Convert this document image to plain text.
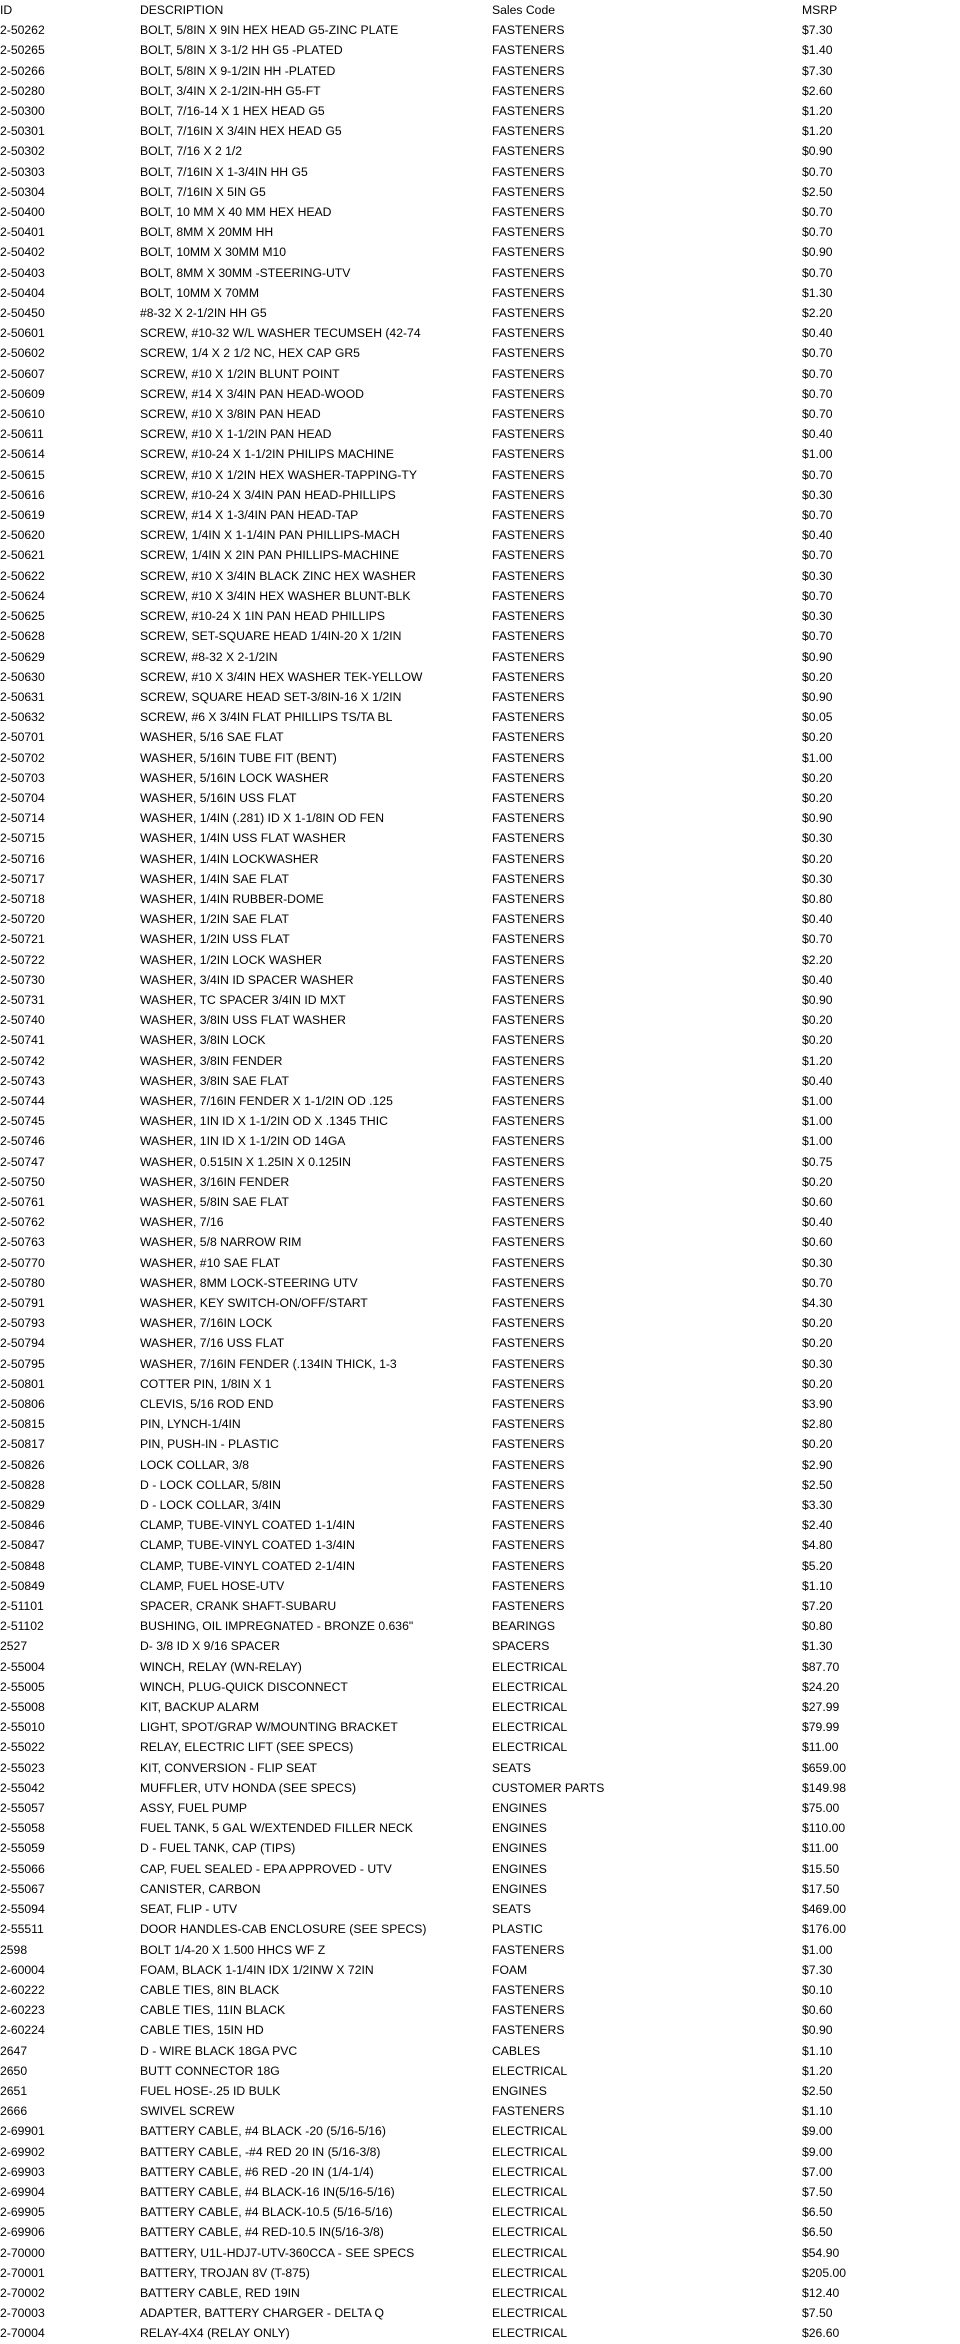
ID	DESCRIPTION	Sales Code	MSRP
2-50262	BOLT, 5/8IN X 9IN HEX HEAD G5-ZINC PLATE	FASTENERS	$7.30
2-50265	BOLT, 5/8IN X 3-1/2 HH G5 -PLATED	FASTENERS	$1.40
2-50266	BOLT, 5/8IN X 9-1/2IN HH -PLATED	FASTENERS	$7.30
2-50280	BOLT, 3/4IN X 2-1/2IN-HH G5-FT	FASTENERS	$2.60
2-50300	BOLT, 7/16-14 X 1 HEX HEAD G5	FASTENERS	$1.20
2-50301	BOLT, 7/16IN X 3/4IN HEX HEAD G5	FASTENERS	$1.20
2-50302	BOLT, 7/16 X 2 1/2	FASTENERS	$0.90
2-50303	BOLT, 7/16IN X 1-3/4IN HH G5	FASTENERS	$0.70
2-50304	BOLT, 7/16IN X 5IN G5	FASTENERS	$2.50
2-50400	BOLT, 10 MM X 40 MM HEX HEAD	FASTENERS	$0.70
2-50401	BOLT, 8MM X 20MM HH	FASTENERS	$0.70
2-50402	BOLT, 10MM X 30MM M10	FASTENERS	$0.90
2-50403	BOLT, 8MM X 30MM -STEERING-UTV	FASTENERS	$0.70
2-50404	BOLT, 10MM X 70MM	FASTENERS	$1.30
2-50450	#8-32 X 2-1/2IN HH G5	FASTENERS	$2.20
2-50601	SCREW, #10-32 W/L WASHER TECUMSEH (42-74	FASTENERS	$0.40
2-50602	SCREW, 1/4 X 2 1/2 NC, HEX CAP GR5	FASTENERS	$0.70
2-50607	SCREW, #10 X 1/2IN BLUNT POINT	FASTENERS	$0.70
2-50609	SCREW, #14 X 3/4IN PAN HEAD-WOOD	FASTENERS	$0.70
2-50610	SCREW, #10 X 3/8IN PAN HEAD	FASTENERS	$0.70
2-50611	SCREW, #10 X 1-1/2IN PAN HEAD	FASTENERS	$0.40
2-50614	SCREW, #10-24 X 1-1/2IN PHILIPS MACHINE	FASTENERS	$1.00
2-50615	SCREW, #10 X 1/2IN HEX WASHER-TAPPING-TY	FASTENERS	$0.70
2-50616	SCREW, #10-24 X 3/4IN PAN HEAD-PHILLIPS	FASTENERS	$0.30
2-50619	SCREW, #14 X 1-3/4IN PAN HEAD-TAP	FASTENERS	$0.70
2-50620	SCREW, 1/4IN X 1-1/4IN PAN PHILLIPS-MACH	FASTENERS	$0.40
2-50621	SCREW, 1/4IN X 2IN PAN PHILLIPS-MACHINE	FASTENERS	$0.70
2-50622	SCREW, #10 X 3/4IN BLACK ZINC HEX WASHER	FASTENERS	$0.30
2-50624	SCREW, #10 X 3/4IN HEX WASHER BLUNT-BLK	FASTENERS	$0.70
2-50625	SCREW, #10-24 X 1IN PAN HEAD PHILLIPS	FASTENERS	$0.30
2-50628	SCREW, SET-SQUARE HEAD 1/4IN-20 X 1/2IN	FASTENERS	$0.70
2-50629	SCREW, #8-32 X 2-1/2IN	FASTENERS	$0.90
2-50630	SCREW, #10 X 3/4IN HEX WASHER TEK-YELLOW	FASTENERS	$0.20
2-50631	SCREW, SQUARE HEAD SET-3/8IN-16 X 1/2IN	FASTENERS	$0.90
2-50632	SCREW, #6 X 3/4IN FLAT PHILLIPS TS/TA BL	FASTENERS	$0.05
2-50701	WASHER, 5/16 SAE FLAT	FASTENERS	$0.20
2-50702	WASHER, 5/16IN TUBE FIT (BENT)	FASTENERS	$1.00
2-50703	WASHER, 5/16IN LOCK WASHER	FASTENERS	$0.20
2-50704	WASHER, 5/16IN USS FLAT	FASTENERS	$0.20
2-50714	WASHER, 1/4IN (.281) ID X 1-1/8IN OD FEN	FASTENERS	$0.90
2-50715	WASHER, 1/4IN USS FLAT WASHER	FASTENERS	$0.30
2-50716	WASHER, 1/4IN LOCKWASHER	FASTENERS	$0.20
2-50717	WASHER, 1/4IN SAE FLAT	FASTENERS	$0.30
2-50718	WASHER, 1/4IN RUBBER-DOME	FASTENERS	$0.80
2-50720	WASHER, 1/2IN SAE FLAT	FASTENERS	$0.40
2-50721	WASHER, 1/2IN USS FLAT	FASTENERS	$0.70
2-50722	WASHER, 1/2IN LOCK WASHER	FASTENERS	$2.20
2-50730	WASHER, 3/4IN ID SPACER WASHER	FASTENERS	$0.40
2-50731	WASHER, TC SPACER 3/4IN ID MXT	FASTENERS	$0.90
2-50740	WASHER, 3/8IN USS FLAT WASHER	FASTENERS	$0.20
2-50741	WASHER, 3/8IN LOCK	FASTENERS	$0.20
2-50742	WASHER, 3/8IN FENDER	FASTENERS	$1.20
2-50743	WASHER, 3/8IN SAE FLAT	FASTENERS	$0.40
2-50744	WASHER, 7/16IN FENDER X 1-1/2IN OD .125	FASTENERS	$1.00
2-50745	WASHER, 1IN ID X 1-1/2IN OD X .1345 THIC	FASTENERS	$1.00
2-50746	WASHER, 1IN ID X 1-1/2IN OD 14GA	FASTENERS	$1.00
2-50747	WASHER, 0.515IN X 1.25IN X 0.125IN	FASTENERS	$0.75
2-50750	WASHER, 3/16IN FENDER	FASTENERS	$0.20
2-50761	WASHER, 5/8IN SAE FLAT	FASTENERS	$0.60
2-50762	WASHER, 7/16	FASTENERS	$0.40
2-50763	WASHER, 5/8 NARROW RIM	FASTENERS	$0.60
2-50770	WASHER, #10 SAE FLAT	FASTENERS	$0.30
2-50780	WASHER, 8MM LOCK-STEERING UTV	FASTENERS	$0.70
2-50791	WASHER, KEY SWITCH-ON/OFF/START	FASTENERS	$4.30
2-50793	WASHER, 7/16IN LOCK	FASTENERS	$0.20
2-50794	WASHER, 7/16 USS FLAT	FASTENERS	$0.20
2-50795	WASHER, 7/16IN FENDER (.134IN THICK, 1-3	FASTENERS	$0.30
2-50801	COTTER PIN, 1/8IN X 1	FASTENERS	$0.20
2-50806	CLEVIS, 5/16 ROD END	FASTENERS	$3.90
2-50815	PIN, LYNCH-1/4IN	FASTENERS	$2.80
2-50817	PIN, PUSH-IN - PLASTIC	FASTENERS	$0.20
2-50826	LOCK COLLAR, 3/8	FASTENERS	$2.90
2-50828	D - LOCK COLLAR, 5/8IN	FASTENERS	$2.50
2-50829	D - LOCK COLLAR, 3/4IN	FASTENERS	$3.30
2-50846	CLAMP, TUBE-VINYL COATED 1-1/4IN	FASTENERS	$2.40
2-50847	CLAMP, TUBE-VINYL COATED 1-3/4IN	FASTENERS	$4.80
2-50848	CLAMP, TUBE-VINYL COATED 2-1/4IN	FASTENERS	$5.20
2-50849	CLAMP, FUEL HOSE-UTV	FASTENERS	$1.10
2-51101	SPACER, CRANK SHAFT-SUBARU	FASTENERS	$7.20
2-51102	BUSHING, OIL IMPREGNATED - BRONZE 0.636"	BEARINGS	$0.80
2527	D- 3/8 ID X 9/16 SPACER	SPACERS	$1.30
2-55004	WINCH, RELAY (WN-RELAY)	ELECTRICAL	$87.70
2-55005	WINCH, PLUG-QUICK DISCONNECT	ELECTRICAL	$24.20
2-55008	KIT, BACKUP ALARM	ELECTRICAL	$27.99
2-55010	LIGHT, SPOT/GRAP W/MOUNTING BRACKET	ELECTRICAL	$79.99
2-55022	RELAY, ELECTRIC LIFT (SEE SPECS)	ELECTRICAL	$11.00
2-55023	KIT, CONVERSION - FLIP SEAT	SEATS	$659.00
2-55042	MUFFLER, UTV HONDA (SEE SPECS)	CUSTOMER PARTS	$149.98
2-55057	ASSY, FUEL PUMP	ENGINES	$75.00
2-55058	FUEL TANK, 5 GAL W/EXTENDED FILLER NECK	ENGINES	$110.00
2-55059	D - FUEL TANK, CAP (TIPS)	ENGINES	$11.00
2-55066	CAP, FUEL SEALED - EPA APPROVED - UTV	ENGINES	$15.50
2-55067	CANISTER, CARBON	ENGINES	$17.50
2-55094	SEAT, FLIP - UTV	SEATS	$469.00
2-55511	DOOR HANDLES-CAB ENCLOSURE (SEE SPECS)	PLASTIC	$176.00
2598	BOLT 1/4-20 X 1.500 HHCS WF Z	FASTENERS	$1.00
2-60004	FOAM, BLACK 1-1/4IN IDX 1/2INW X 72IN	FOAM	$7.30
2-60222	CABLE TIES, 8IN BLACK	FASTENERS	$0.10
2-60223	CABLE TIES, 11IN BLACK	FASTENERS	$0.60
2-60224	CABLE TIES, 15IN HD	FASTENERS	$0.90
2647	D - WIRE BLACK 18GA PVC	CABLES	$1.10
2650	BUTT CONNECTOR 18G	ELECTRICAL	$1.20
2651	FUEL HOSE-.25 ID BULK	ENGINES	$2.50
2666	SWIVEL SCREW	FASTENERS	$1.10
2-69901	BATTERY CABLE, #4 BLACK -20 (5/16-5/16)	ELECTRICAL	$9.00
2-69902	BATTERY CABLE, -#4 RED 20 IN (5/16-3/8)	ELECTRICAL	$9.00
2-69903	BATTERY CABLE, #6 RED -20 IN (1/4-1/4)	ELECTRICAL	$7.00
2-69904	BATTERY CABLE, #4 BLACK-16 IN(5/16-5/16)	ELECTRICAL	$7.50
2-69905	BATTERY CABLE, #4 BLACK-10.5 (5/16-5/16)	ELECTRICAL	$6.50
2-69906	BATTERY CABLE, #4 RED-10.5 IN(5/16-3/8)	ELECTRICAL	$6.50
2-70000	BATTERY, U1L-HDJ7-UTV-360CCA - SEE SPECS	ELECTRICAL	$54.90
2-70001	BATTERY, TROJAN 8V (T-875)	ELECTRICAL	$205.00
2-70002	BATTERY CABLE, RED 19IN	ELECTRICAL	$12.40
2-70003	ADAPTER, BATTERY CHARGER - DELTA Q	ELECTRICAL	$7.50
2-70004	RELAY-4X4 (RELAY ONLY)	ELECTRICAL	$26.60
